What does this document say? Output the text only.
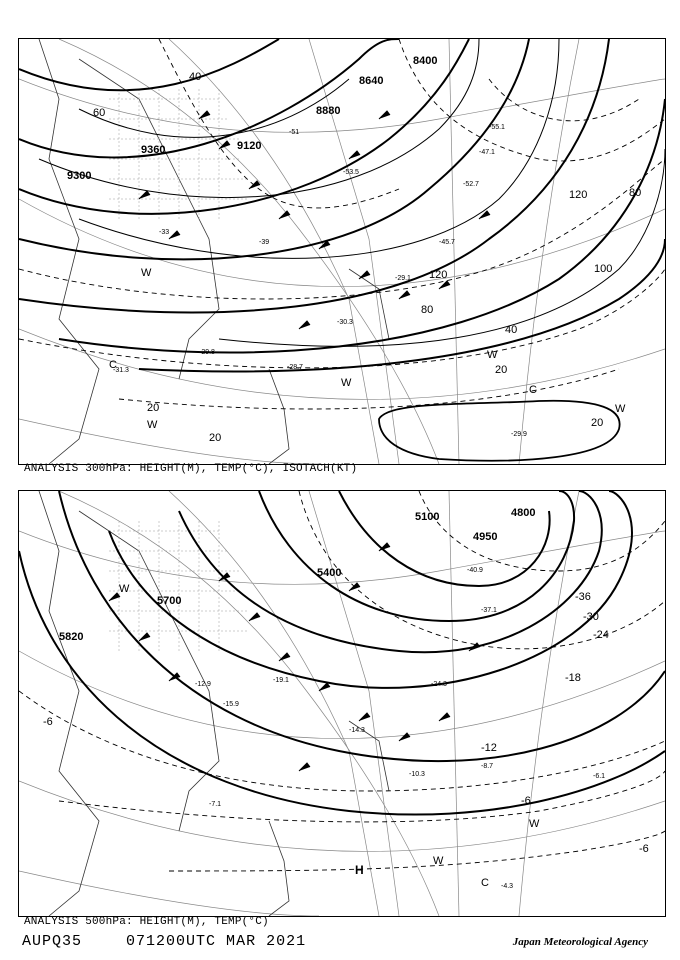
9300
9360	9120
8880
8640
8400
120
120
100
80
80
60
40
40
20
20
20
20
-51
-53.5
-45.7
-39
-33
-29.1
-30.3
-29.8
-31.3
-29.9
-28.7
-47.1
-52.7
-55.1
W
W
W
W
W
C
C
ANALYSIS 300hPa: HEIGHT(M), TEMP(°C), ISOTACH(KT)
5700
5400
5100
4950
4800
5820
-36
-30
-24
-18
-12
-6
-6
-6
-37.1
-40.9
-24.3
-15.9
-12.9
-14.3
-8.7
-7.1
-4.3
-6.1
-10.3
-19.1
W
W
W
H
C
ANALYSIS 500hPa: HEIGHT(M), TEMP(°C)
AUPQ35	071200UTC MAR 2021	Japan Meteorological Agency
